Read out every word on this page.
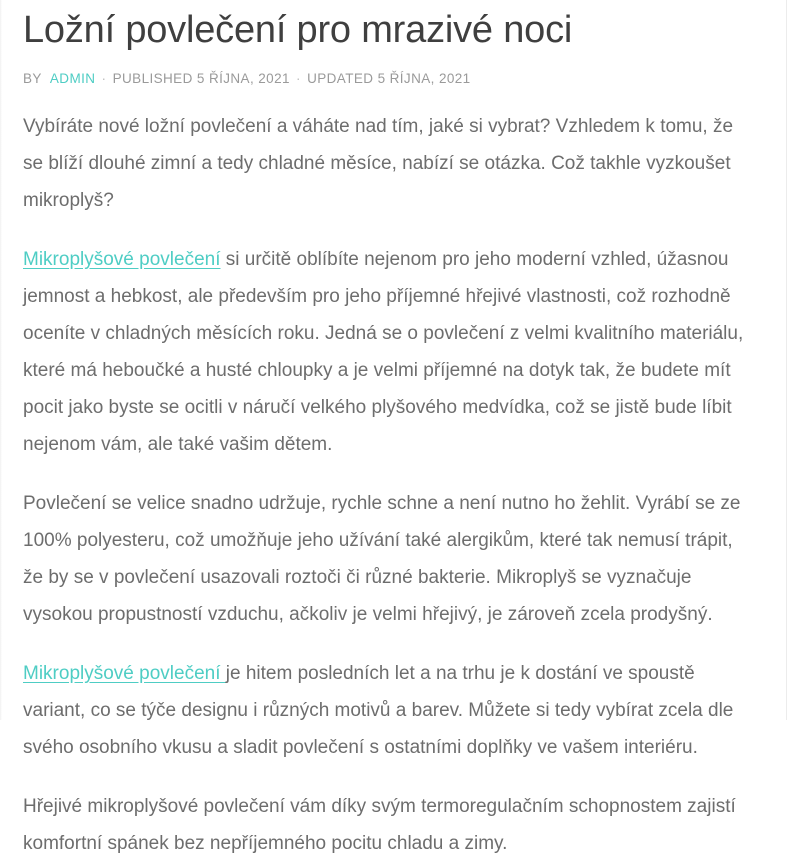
Ložní povlečení pro mrazivé noci
BY ADMIN · PUBLISHED 5 ŘÍJNA, 2021 · UPDATED 5 ŘÍJNA, 2021

Vybíráte nové ložní povlečení a váháte nad tím, jaké si vybrat? Vzhledem k tomu, že se blíží dlouhé zimní a tedy chladné měsíce, nabízí se otázka. Což takhle vyzkoušet mikroplyš?

Mikroplyšové povlečení si určitě oblíbíte nejenom pro jeho moderní vzhled, úžasnou jemnost a hebkost, ale především pro jeho příjemné hřejivé vlastnosti, což rozhodně oceníte v chladných měsících roku. Jedná se o povlečení z velmi kvalitního materiálu, které má heboučké a husté chloupky a je velmi příjemné na dotyk tak, že budete mít pocit jako byste se ocitli v náručí velkého plyšového medvídka, což se jistě bude líbit nejenom vám, ale také vašim dětem.

Povlečení se velice snadno udržuje, rychle schne a není nutno ho žehlit. Vyrábí se ze 100% polyesteru, což umožňuje jeho užívání také alergikům, které tak nemusí trápit, že by se v povlečení usazovali roztoči či různé bakterie. Mikroplyš se vyznačuje vysokou propustností vzduchu, ačkoliv je velmi hřejivý, je zároveň zcela prodyšný.

Mikroplyšové povlečení je hitem posledních let a na trhu je k dostání ve spoustě variant, co se týče designu i různých motivů a barev. Můžete si tedy vybírat zcela dle svého osobního vkusu a sladit povlečení s ostatními doplňky ve vašem interiéru.

Hřejivé mikroplyšové povlečení vám díky svým termoregulačním schopnostem zajistí komfortní spánek bez nepříjemného pocitu chladu a zimy.
